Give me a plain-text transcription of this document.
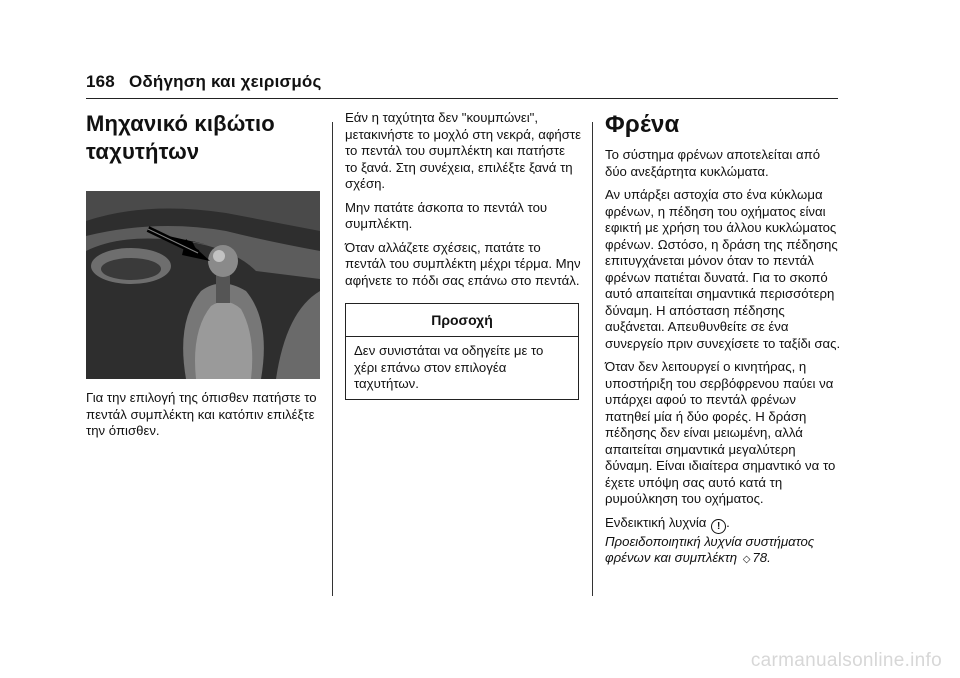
168 Οδήγηση και χειρισμός
Μηχανικό κιβώτιο
ταχυτήτων

Για την επιλογή της όπισθεν πατήστε το πεντάλ συμπλέκτη και κατόπιν επιλέξτε την όπισθεν.

Εάν η ταχύτητα δεν "κουμπώνει", μετακινήστε το μοχλό στη νεκρά, αφήστε το πεντάλ του συμπλέκτη και πατήστε το ξανά. Στη συνέχεια, επιλέξτε ξανά τη σχέση.

Μην πατάτε άσκοπα το πεντάλ του συμπλέκτη.

Όταν αλλάζετε σχέσεις, πατάτε το πεντάλ του συμπλέκτη μέχρι τέρμα. Μην αφήνετε το πόδι σας επάνω στο πεντάλ.

Προσοχή

Δεν συνιστάται να οδηγείτε με το χέρι επάνω στον επιλογέα ταχυτήτων.

Φρένα

Το σύστημα φρένων αποτελείται από δύο ανεξάρτητα κυκλώματα.

Αν υπάρξει αστοχία στο ένα κύκλωμα φρένων, η πέδηση του οχήματος είναι εφικτή με χρήση του άλλου κυκλώματος φρένων. Ωστόσο, η δράση της πέδησης επιτυγχάνεται μόνον όταν το πεντάλ φρένων πατιέται δυνατά. Για το σκοπό αυτό απαιτείται σημαντικά περισσότερη δύναμη. Η απόσταση πέδησης αυξάνεται. Απευθυνθείτε σε ένα συνεργείο πριν συνεχίσετε το ταξίδι σας.

Όταν δεν λειτουργεί ο κινητήρας, η υποστήριξη του σερβόφρενου παύει να υπάρχει αφού το πεντάλ φρένων πατηθεί μία ή δύο φορές. Η δράση πέδησης δεν είναι μειωμένη, αλλά απαιτείται σημαντικά μεγαλύτερη δύναμη. Είναι ιδιαίτερα σημαντικό να το έχετε υπόψη σας αυτό κατά τη ρυμούλκηση του οχήματος.

Ενδεικτική λυχνία ! .
Προειδοποιητική λυχνία συστήματος φρένων και συμπλέκτη ◇ 78.

carmanualsonline.info
